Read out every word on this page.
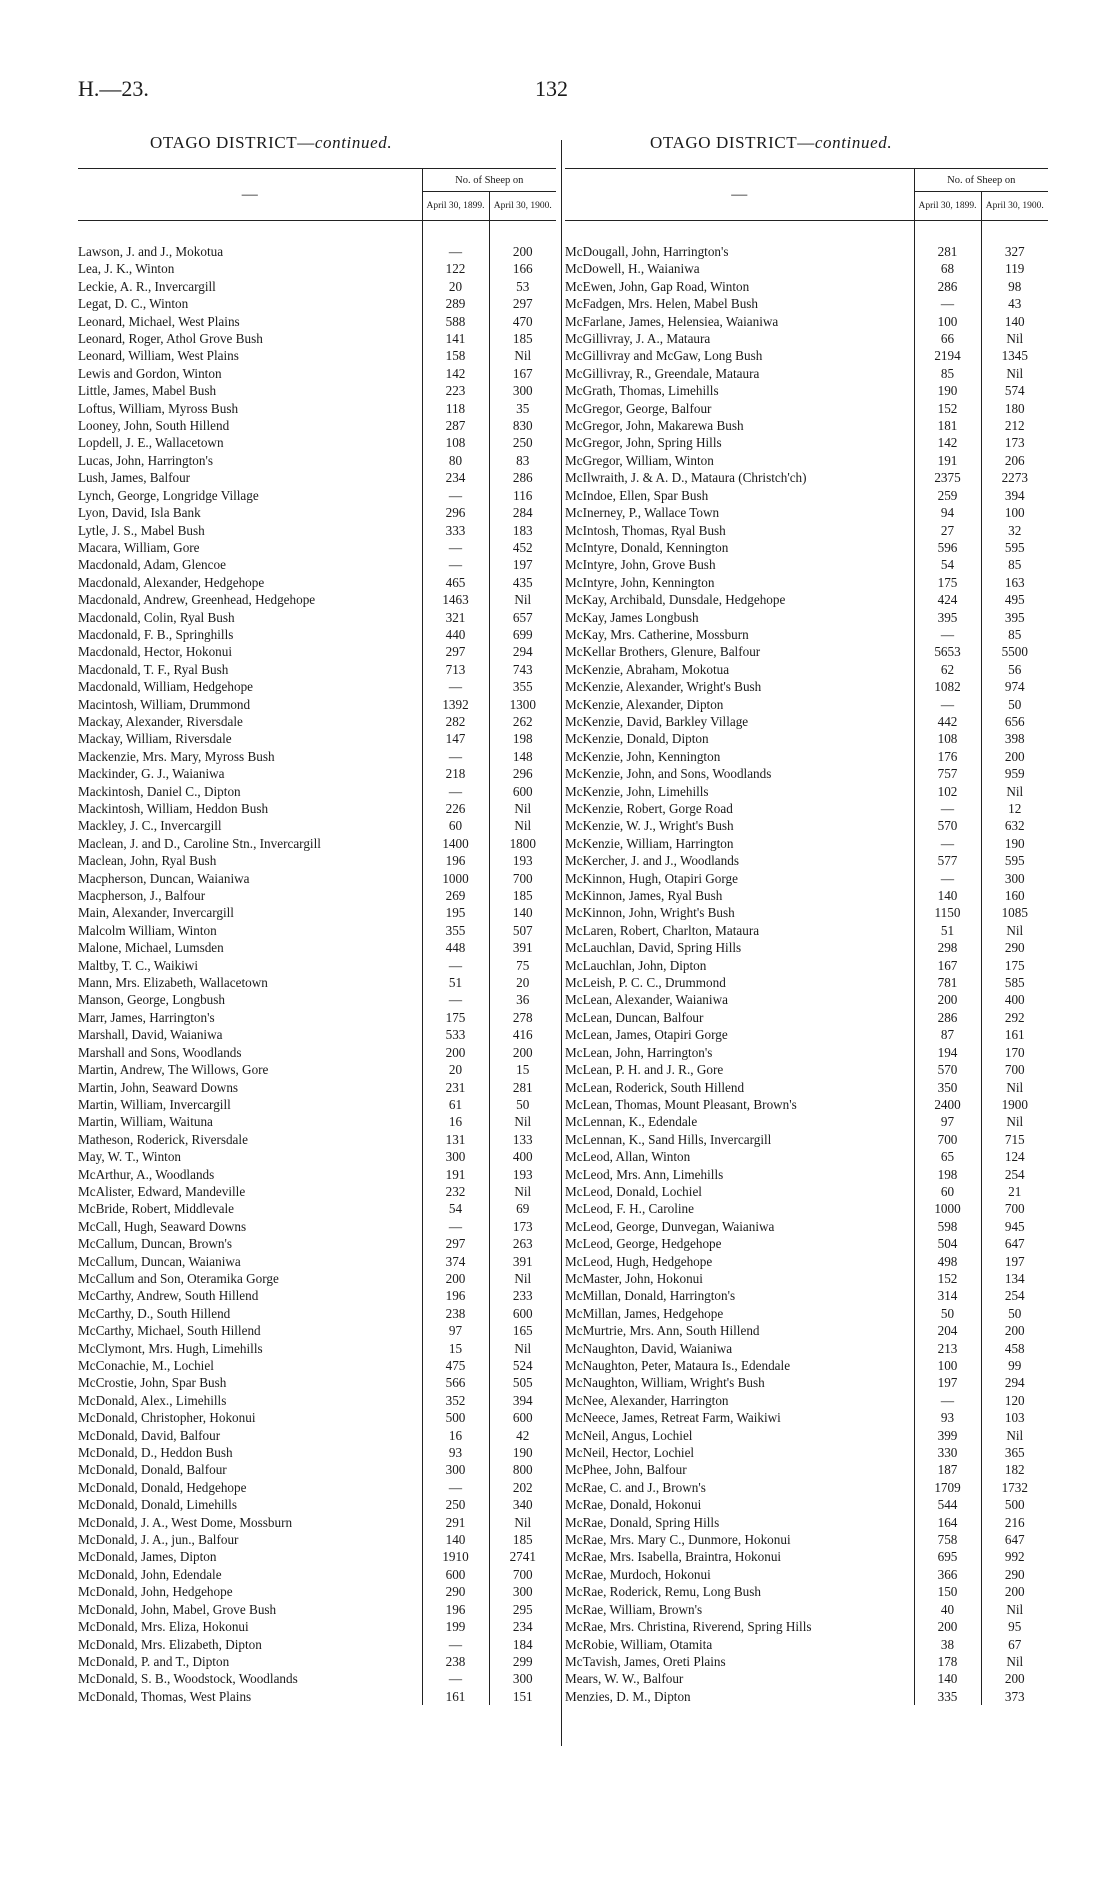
H.—23.	132
OTAGO DISTRICT—continued.	OTAGO DISTRICT—continued.
—	No. of Sheep on	
	April 30, 1899.	April 30, 1900.

Lawson, J. and J., Mokotua	—	200
Lea, J. K., Winton	122	166
Leckie, A. R., Invercargill	20	53
Legat, D. C., Winton	289	297
Leonard, Michael, West Plains	588	470
Leonard, Roger, Athol Grove Bush	141	185
Leonard, William, West Plains	158	Nil
Lewis and Gordon, Winton	142	167
Little, James, Mabel Bush	223	300
Loftus, William, Myross Bush	118	35
Looney, John, South Hillend	287	830
Lopdell, J. E., Wallacetown	108	250
Lucas, John, Harrington's	80	83
Lush, James, Balfour	234	286
Lynch, George, Longridge Village	—	116
Lyon, David, Isla Bank	296	284
Lytle, J. S., Mabel Bush	333	183
Macara, William, Gore	—	452
Macdonald, Adam, Glencoe	—	197
Macdonald, Alexander, Hedgehope	465	435
Macdonald, Andrew, Greenhead, Hedgehope	1463	Nil
Macdonald, Colin, Ryal Bush	321	657
Macdonald, F. B., Springhills	440	699
Macdonald, Hector, Hokonui	297	294
Macdonald, T. F., Ryal Bush	713	743
Macdonald, William, Hedgehope	—	355
Macintosh, William, Drummond	1392	1300
Mackay, Alexander, Riversdale	282	262
Mackay, William, Riversdale	147	198
Mackenzie, Mrs. Mary, Myross Bush	—	148
Mackinder, G. J., Waianiwa	218	296
Mackintosh, Daniel C., Dipton	—	600
Mackintosh, William, Heddon Bush	226	Nil
Mackley, J. C., Invercargill	60	Nil
Maclean, J. and D., Caroline Stn., Invercargill	1400	1800
Maclean, John, Ryal Bush	196	193
Macpherson, Duncan, Waianiwa	1000	700
Macpherson, J., Balfour	269	185
Main, Alexander, Invercargill	195	140
Malcolm William, Winton	355	507
Malone, Michael, Lumsden	448	391
Maltby, T. C., Waikiwi	—	75
Mann, Mrs. Elizabeth, Wallacetown	51	20
Manson, George, Longbush	—	36
Marr, James, Harrington's	175	278
Marshall, David, Waianiwa	533	416
Marshall and Sons, Woodlands	200	200
Martin, Andrew, The Willows, Gore	20	15
Martin, John, Seaward Downs	231	281
Martin, William, Invercargill	61	50
Martin, William, Waituna	16	Nil
Matheson, Roderick, Riversdale	131	133
May, W. T., Winton	300	400
McArthur, A., Woodlands	191	193
McAlister, Edward, Mandeville	232	Nil
McBride, Robert, Middlevale	54	69
McCall, Hugh, Seaward Downs	—	173
McCallum, Duncan, Brown's	297	263
McCallum, Duncan, Waianiwa	374	391
McCallum and Son, Oteramika Gorge	200	Nil
McCarthy, Andrew, South Hillend	196	233
McCarthy, D., South Hillend	238	600
McCarthy, Michael, South Hillend	97	165
McClymont, Mrs. Hugh, Limehills	15	Nil
McConachie, M., Lochiel	475	524
McCrostie, John, Spar Bush	566	505
McDonald, Alex., Limehills	352	394
McDonald, Christopher, Hokonui	500	600
McDonald, David, Balfour	16	42
McDonald, D., Heddon Bush	93	190
McDonald, Donald, Balfour	300	800
McDonald, Donald, Hedgehope	—	202
McDonald, Donald, Limehills	250	340
McDonald, J. A., West Dome, Mossburn	291	Nil
McDonald, J. A., jun., Balfour	140	185
McDonald, James, Dipton	1910	2741
McDonald, John, Edendale	600	700
McDonald, John, Hedgehope	290	300
McDonald, John, Mabel, Grove Bush	196	295
McDonald, Mrs. Eliza, Hokonui	199	234
McDonald, Mrs. Elizabeth, Dipton	—	184
McDonald, P. and T., Dipton	238	299
McDonald, S. B., Woodstock, Woodlands	—	300
McDonald, Thomas, West Plains	161	151
—	No. of Sheep on	
	April 30, 1899.	April 30, 1900.

McDougall, John, Harrington's	281	327
McDowell, H., Waianiwa	68	119
McEwen, John, Gap Road, Winton	286	98
McFadgen, Mrs. Helen, Mabel Bush	—	43
McFarlane, James, Helensiea, Waianiwa	100	140
McGillivray, J. A., Mataura	66	Nil
McGillivray and McGaw, Long Bush	2194	1345
McGillivray, R., Greendale, Mataura	85	Nil
McGrath, Thomas, Limehills	190	574
McGregor, George, Balfour	152	180
McGregor, John, Makarewa Bush	181	212
McGregor, John, Spring Hills	142	173
McGregor, William, Winton	191	206
McIlwraith, J. & A. D., Mataura (Christch'ch)	2375	2273
McIndoe, Ellen, Spar Bush	259	394
McInerney, P., Wallace Town	94	100
McIntosh, Thomas, Ryal Bush	27	32
McIntyre, Donald, Kennington	596	595
McIntyre, John, Grove Bush	54	85
McIntyre, John, Kennington	175	163
McKay, Archibald, Dunsdale, Hedgehope	424	495
McKay, James Longbush	395	395
McKay, Mrs. Catherine, Mossburn	—	85
McKellar Brothers, Glenure, Balfour	5653	5500
McKenzie, Abraham, Mokotua	62	56
McKenzie, Alexander, Wright's Bush	1082	974
McKenzie, Alexander, Dipton	—	50
McKenzie, David, Barkley Village	442	656
McKenzie, Donald, Dipton	108	398
McKenzie, John, Kennington	176	200
McKenzie, John, and Sons, Woodlands	757	959
McKenzie, John, Limehills	102	Nil
McKenzie, Robert, Gorge Road	—	12
McKenzie, W. J., Wright's Bush	570	632
McKenzie, William, Harrington	—	190
McKercher, J. and J., Woodlands	577	595
McKinnon, Hugh, Otapiri Gorge	—	300
McKinnon, James, Ryal Bush	140	160
McKinnon, John, Wright's Bush	1150	1085
McLaren, Robert, Charlton, Mataura	51	Nil
McLauchlan, David, Spring Hills	298	290
McLauchlan, John, Dipton	167	175
McLeish, P. C. C., Drummond	781	585
McLean, Alexander, Waianiwa	200	400
McLean, Duncan, Balfour	286	292
McLean, James, Otapiri Gorge	87	161
McLean, John, Harrington's	194	170
McLean, P. H. and J. R., Gore	570	700
McLean, Roderick, South Hillend	350	Nil
McLean, Thomas, Mount Pleasant, Brown's	2400	1900
McLennan, K., Edendale	97	Nil
McLennan, K., Sand Hills, Invercargill	700	715
McLeod, Allan, Winton	65	124
McLeod, Mrs. Ann, Limehills	198	254
McLeod, Donald, Lochiel	60	21
McLeod, F. H., Caroline	1000	700
McLeod, George, Dunvegan, Waianiwa	598	945
McLeod, George, Hedgehope	504	647
McLeod, Hugh, Hedgehope	498	197
McMaster, John, Hokonui	152	134
McMillan, Donald, Harrington's	314	254
McMillan, James, Hedgehope	50	50
McMurtrie, Mrs. Ann, South Hillend	204	200
McNaughton, David, Waianiwa	213	458
McNaughton, Peter, Mataura Is., Edendale	100	99
McNaughton, William, Wright's Bush	197	294
McNee, Alexander, Harrington	—	120
McNeece, James, Retreat Farm, Waikiwi	93	103
McNeil, Angus, Lochiel	399	Nil
McNeil, Hector, Lochiel	330	365
McPhee, John, Balfour	187	182
McRae, C. and J., Brown's	1709	1732
McRae, Donald, Hokonui	544	500
McRae, Donald, Spring Hills	164	216
McRae, Mrs. Mary C., Dunmore, Hokonui	758	647
McRae, Mrs. Isabella, Braintra, Hokonui	695	992
McRae, Murdoch, Hokonui	366	290
McRae, Roderick, Remu, Long Bush	150	200
McRae, William, Brown's	40	Nil
McRae, Mrs. Christina, Riverend, Spring Hills	200	95
McRobie, William, Otamita	38	67
McTavish, James, Oreti Plains	178	Nil
Mears, W. W., Balfour	140	200
Menzies, D. M., Dipton	335	373
